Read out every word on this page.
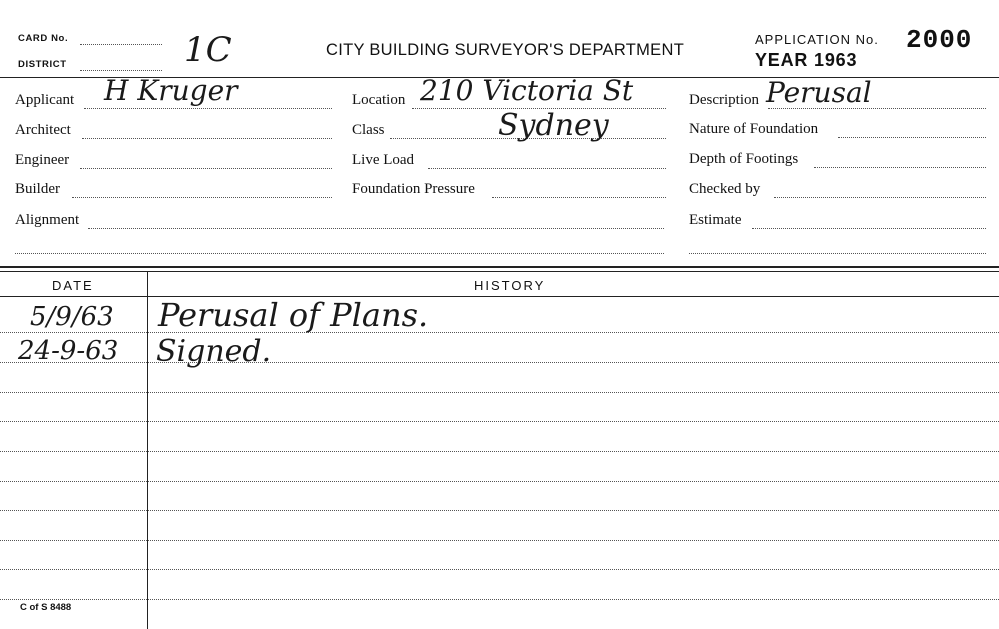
CARD No.
DISTRICT	1C	CITY BUILDING SURVEYOR'S DEPARTMENT
APPLICATION No. 2000
YEAR 1963
Applicant H Kruger
Architect
Engineer
Builder
Alignment
Location 210 Victoria St
Class	Sydney
Live Load
Foundation Pressure
Description Perusal
Nature of Foundation
Depth of Footings
Checked by
Estimate
DATE	HISTORY
5/9/63 Perusal of Plans.
24-9-63 Signed.
C of S 8488
